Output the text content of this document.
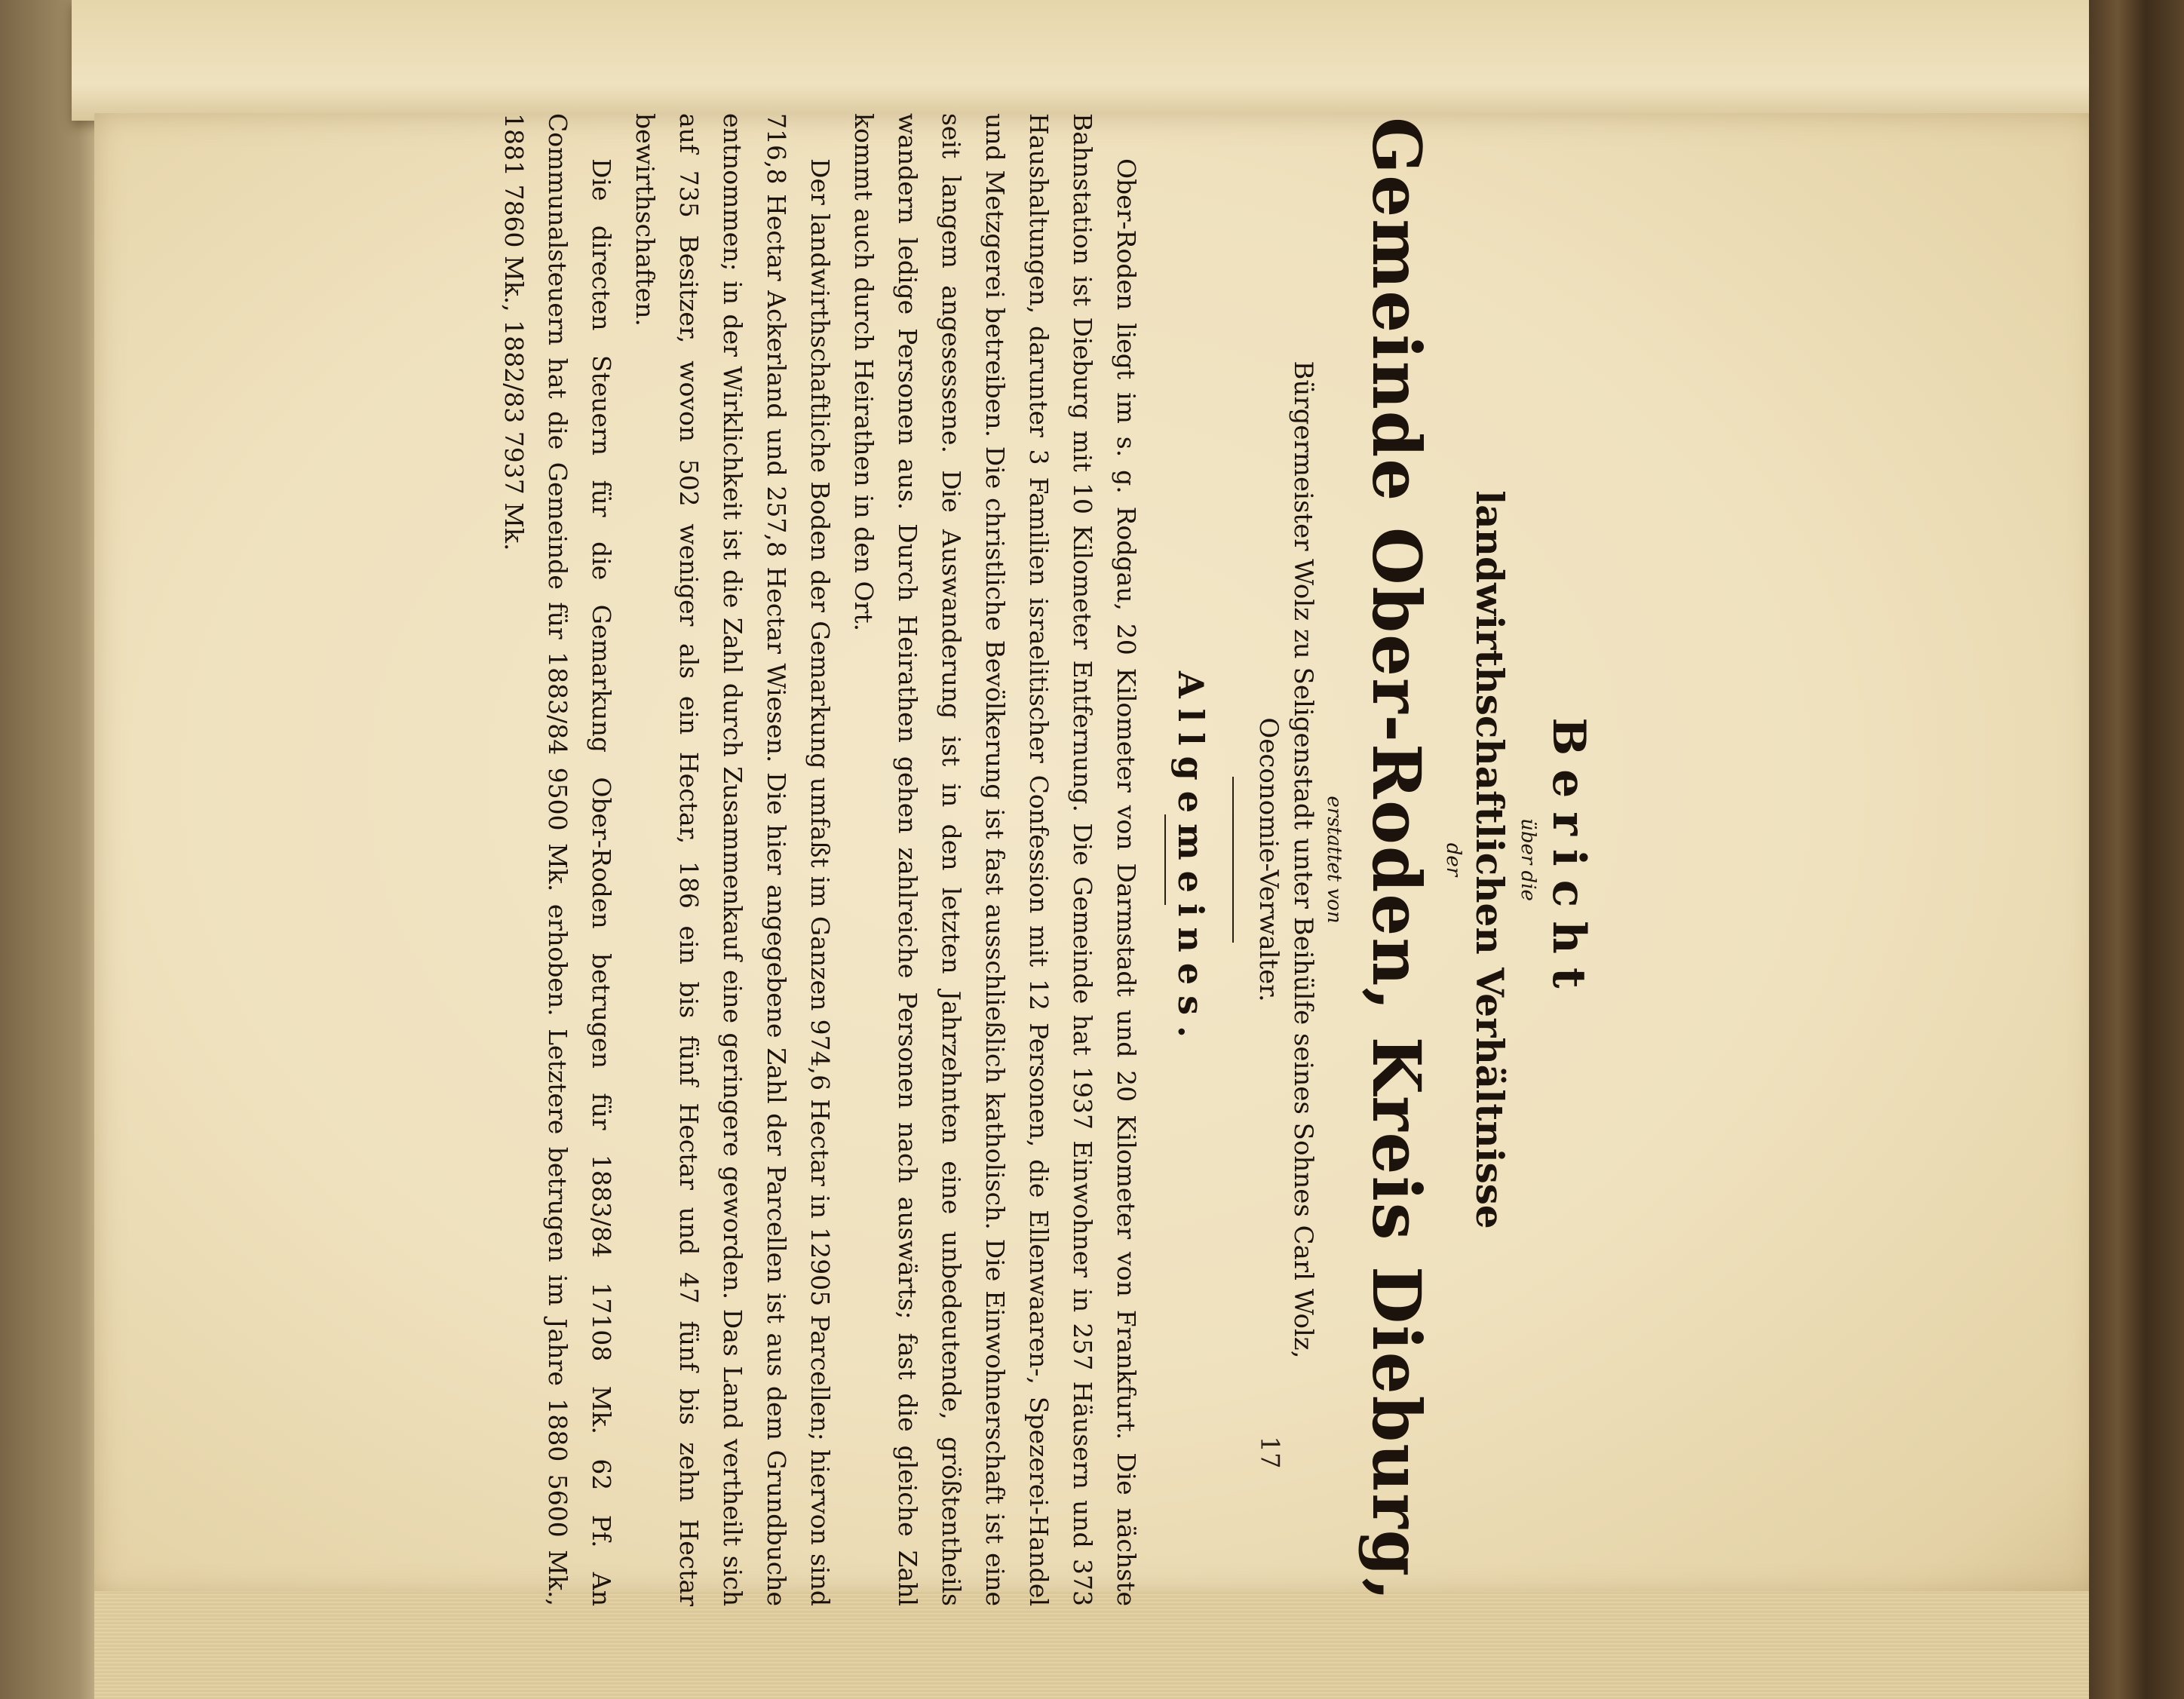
Bericht

über die

landwirthschaftlichen Verhältnisse

der

Gemeinde Ober-Roden, Kreis Dieburg,

erstattet von

Bürgermeister Wolz zu Seligenstadt unter Beihülfe seines Sohnes Carl Wolz,

Oeconomie-Verwalter.

Allgemeines.

Ober-Roden liegt im s. g. Rodgau, 20 Kilometer von Darmstadt und 20 Kilometer von Frankfurt. Die nächste Bahnstation ist Dieburg mit 10 Kilometer Entfernung. Die Gemeinde hat 1937 Einwohner in 257 Häusern und 373 Haushaltungen, darunter 3 Familien israelitischer Confession mit 12 Personen, die Ellenwaaren-, Spezerei-Handel und Metzgerei betreiben. Die christliche Bevölkerung ist fast ausschließlich katholisch. Die Einwohnerschaft ist eine seit langem angesessene. Die Auswanderung ist in den letzten Jahrzehnten eine unbedeutende, größtentheils wandern ledige Personen aus. Durch Heirathen gehen zahlreiche Personen nach auswärts; fast die gleiche Zahl kommt auch durch Heirathen in den Ort.

Der landwirthschaftliche Boden der Gemarkung umfaßt im Ganzen 974,6 Hectar in 12905 Parcellen; hiervon sind 716,8 Hectar Ackerland und 257,8 Hectar Wiesen. Die hier angegebene Zahl der Parcellen ist aus dem Grundbuche entnommen; in der Wirklichkeit ist die Zahl durch Zusammenkauf eine geringere geworden. Das Land vertheilt sich auf 735 Besitzer, wovon 502 weniger als ein Hectar, 186 ein bis fünf Hectar und 47 fünf bis zehn Hectar bewirthschaften.

Die directen Steuern für die Gemarkung Ober-Roden betrugen für 1883/84 17108 Mk. 62 Pf. An Communalsteuern hat die Gemeinde für 1883/84 9500 Mk. erhoben. Letztere betrugen im Jahre 1880 5600 Mk., 1881 7860 Mk., 1882/83 7937 Mk.

17
